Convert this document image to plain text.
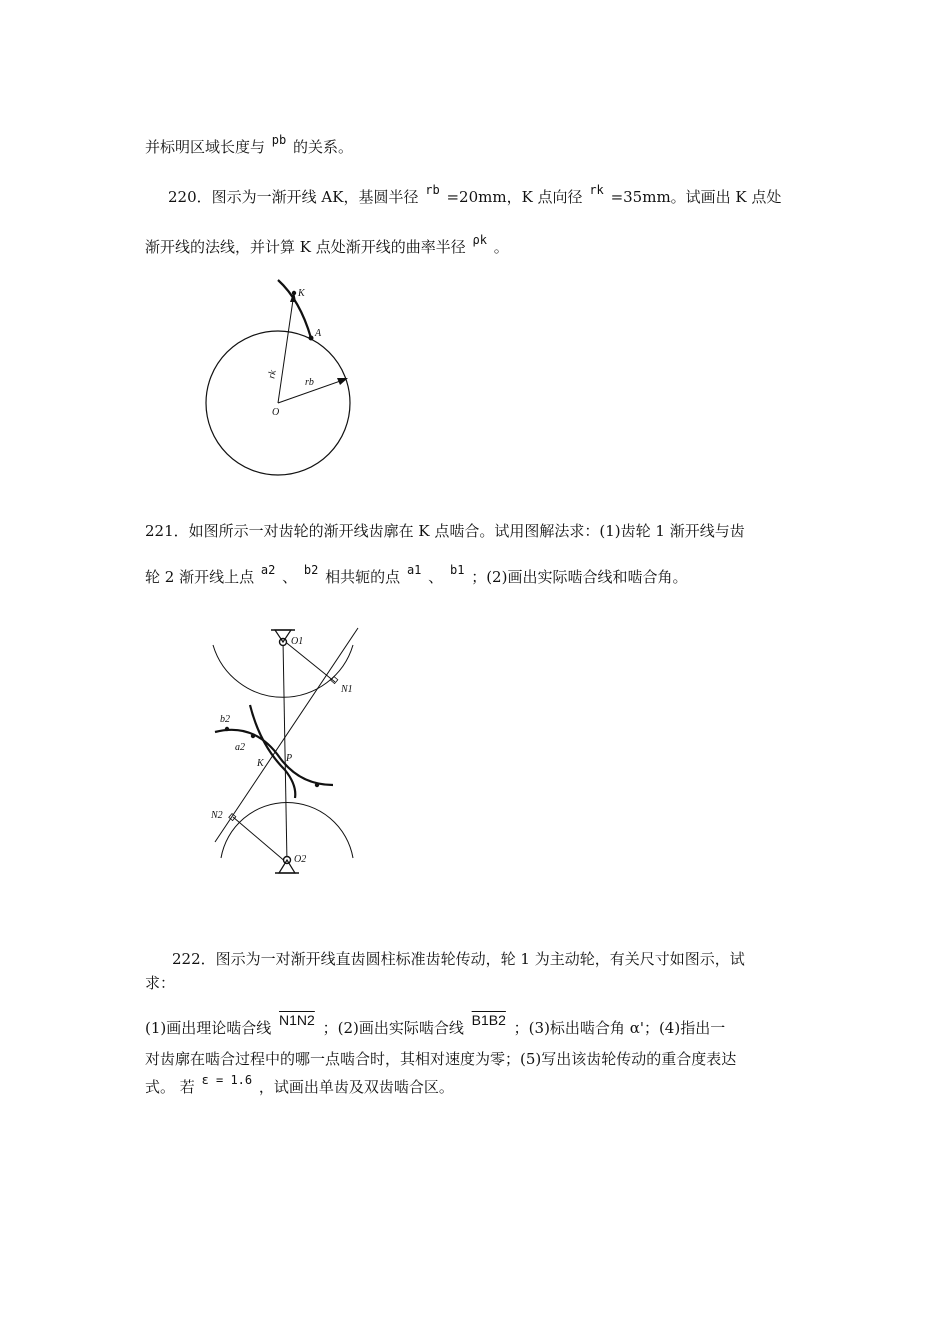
并标明区域长度与 $^{pb}$ 的关系。
220．图示为一渐开线 AK，基圆半径 $^{rb}$ =20mm，K 点向径 $^{rk}$ =35mm。试画出 K 点处
渐开线的法线，并计算 K 点处渐开线的曲率半径 $^{\rho k}$ 。
K
A
O
rk
rb
221．如图所示一对齿轮的渐开线齿廓在 K 点啮合。试用图解法求：(1)齿轮 1 渐开线与齿
轮 2 渐开线上点 $^{a2}$ 、 $^{b2}$ 相共轭的点 $^{a1}$ 、 $^{b1}$ ；(2)画出实际啮合线和啮合角。
O1
N1
b2
a2
K P
N2
O2
222．图示为一对渐开线直齿圆柱标准齿轮传动，轮 1 为主动轮，有关尺寸如图示，试
求：
(1)画出理论啮合线 N1N2 ；(2)画出实际啮合线 B1B2 ；(3)标出啮合角 α'；(4)指出一
对齿廓在啮合过程中的哪一点啮合时，其相对速度为零；(5)写出该齿轮传动的重合度表达
式。 若 $^{\varepsilon = 1.6}$ ，试画出单齿及双齿啮合区。
